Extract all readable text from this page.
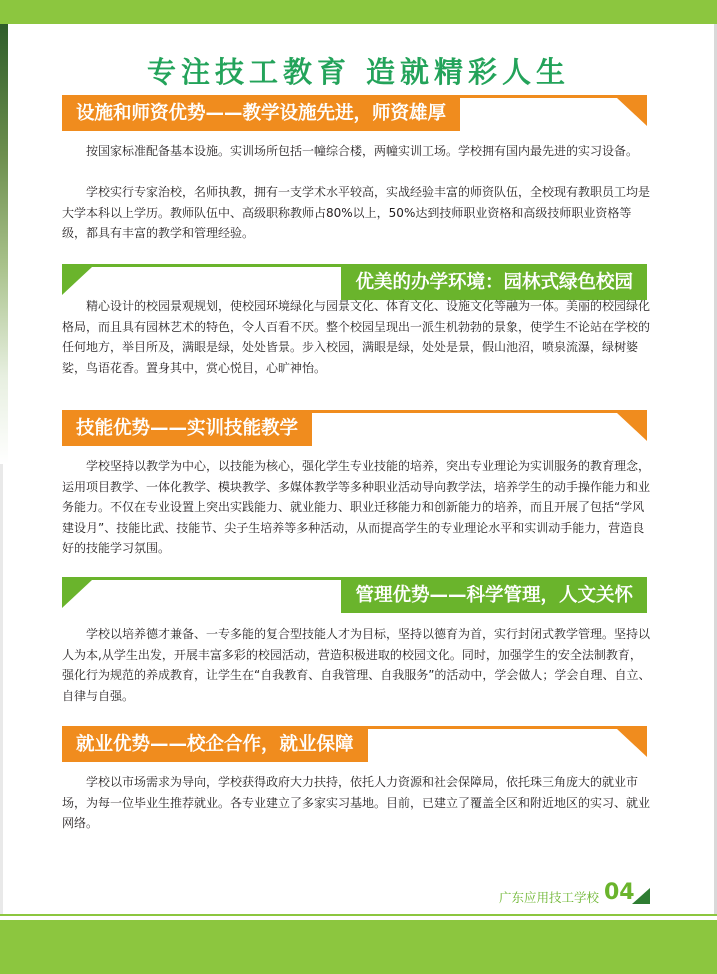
专注技工教育 造就精彩人生
设施和师资优势——教学设施先进，师资雄厚

按国家标准配备基本设施。实训场所包括一幢综合楼，两幢实训工场。学校拥有国内最先进的实习设备。

学校实行专家治校，名师执教，拥有一支学术水平较高，实战经验丰富的师资队伍，全校现有教职员工均是大学本科以上学历。教师队伍中、高级职称教师占80%以上，50%达到技师职业资格和高级技师职业资格等级，都具有丰富的教学和管理经验。

优美的办学环境：园林式绿色校园

精心设计的校园景观规划，使校园环境绿化与园景文化、体育文化、设施文化等融为一体。美丽的校园绿化格局，而且具有园林艺术的特色，令人百看不厌。整个校园呈现出一派生机勃勃的景象，使学生不论站在学校的任何地方，举目所及，满眼是绿，处处皆景。步入校园，满眼是绿，处处是景，假山池沼，喷泉流瀑，绿树婆娑，鸟语花香。置身其中，赏心悦目，心旷神怡。

技能优势——实训技能教学

学校坚持以教学为中心，以技能为核心，强化学生专业技能的培养，突出专业理论为实训服务的教育理念，运用项目教学、一体化教学、模块教学、多媒体教学等多种职业活动导向教学法，培养学生的动手操作能力和业务能力。不仅在专业设置上突出实践能力、就业能力、职业迁移能力和创新能力的培养，而且开展了包括“学风建设月”、技能比武、技能节、尖子生培养等多种活动，从而提高学生的专业理论水平和实训动手能力，营造良好的技能学习氛围。

管理优势——科学管理，人文关怀

学校以培养德才兼备、一专多能的复合型技能人才为目标，坚持以德育为首，实行封闭式教学管理。坚持以人为本,从学生出发，开展丰富多彩的校园活动，营造积极进取的校园文化。同时，加强学生的安全法制教育，强化行为规范的养成教育，让学生在“自我教育、自我管理、自我服务”的活动中，学会做人；学会自理、自立、自律与自强。

就业优势——校企合作，就业保障

学校以市场需求为导向，学校获得政府大力扶持，依托人力资源和社会保障局，依托珠三角庞大的就业市场，为每一位毕业生推荐就业。各专业建立了多家实习基地。目前，已建立了覆盖全区和附近地区的实习、就业网络。

广东应用技工学校 04
